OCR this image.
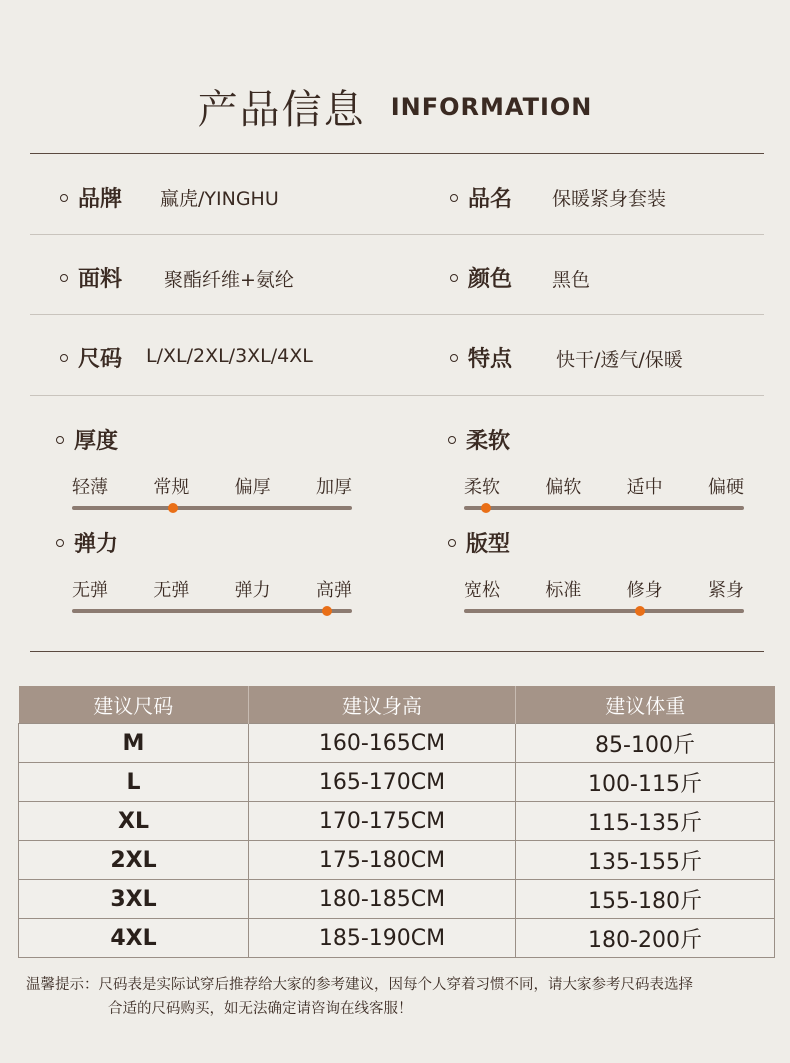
产品信息 INFORMATION
品牌 赢虎/YINGHU	品名 保暖紧身套装
面料 聚酯纤维+氨纶	颜色 黑色
尺码 L/XL/2XL/3XL/4XL	特点 快干/透气/保暖
厚度
轻薄	常规	偏厚	加厚
柔软
柔软	偏软	适中	偏硬
弹力
无弹	无弹	弹力	高弹
版型
宽松	标准	修身	紧身
建议尺码	建议身高	建议体重
M	160-165CM	85-100斤
L	165-170CM	100-115斤
XL	170-175CM	115-135斤
2XL	175-180CM	135-155斤
3XL	180-185CM	155-180斤
4XL	185-190CM	180-200斤
温馨提示：尺码表是实际试穿后推荐给大家的参考建议，因每个人穿着习惯不同，请大家参考尺码表选择
合适的尺码购买，如无法确定请咨询在线客服！
